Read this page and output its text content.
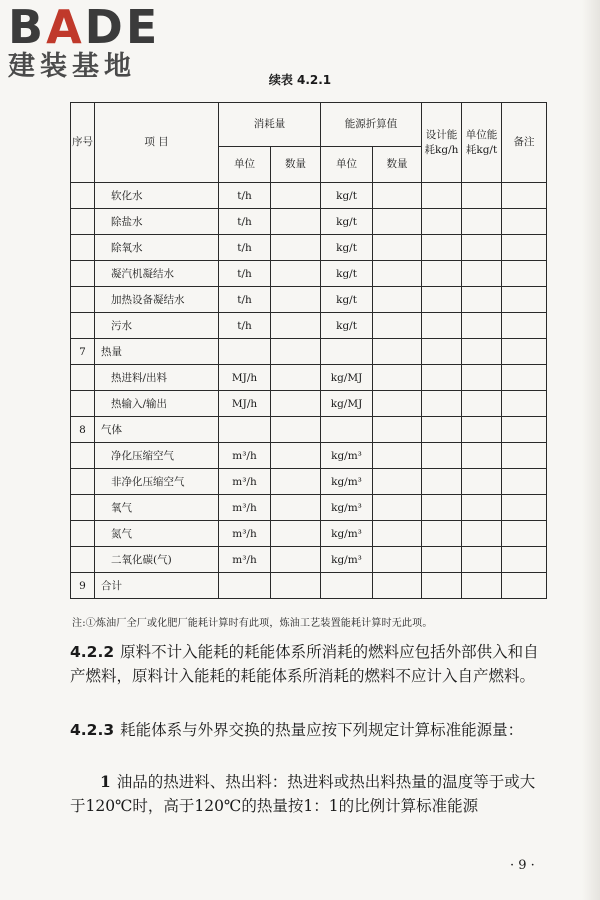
BADE
建装基地	续表 4.2.1
序号	项 目	消耗量		能源折算值		设计能耗kg/h	单位能耗kg/t	备注
		单位	数量	单位	数量			
	软化水	t/h		kg/t				
	除盐水	t/h		kg/t				
	除氧水	t/h		kg/t				
	凝汽机凝结水	t/h		kg/t				
	加热设备凝结水	t/h		kg/t				
	污水	t/h		kg/t				
7	热量							
	热进料/出料	MJ/h		kg/MJ				
	热输入/输出	MJ/h		kg/MJ				
8	气体							
	净化压缩空气	m³/h		kg/m³				
	非净化压缩空气	m³/h		kg/m³				
	氧气	m³/h		kg/m³				
	氮气	m³/h		kg/m³				
	二氧化碳(气)	m³/h		kg/m³				
9	合计							
注:①炼油厂全厂或化肥厂能耗计算时有此项，炼油工艺装置能耗计算时无此项。
4.2.2 原料不计入能耗的耗能体系所消耗的燃料应包括外部供入和自产燃料，原料计入能耗的耗能体系所消耗的燃料不应计入自产燃料。
4.2.3 耗能体系与外界交换的热量应按下列规定计算标准能源量：
1 油品的热进料、热出料：热进料或热出料热量的温度等于或大于120℃时，高于120℃的热量按1：1的比例计算标准能源
· 9 ·
